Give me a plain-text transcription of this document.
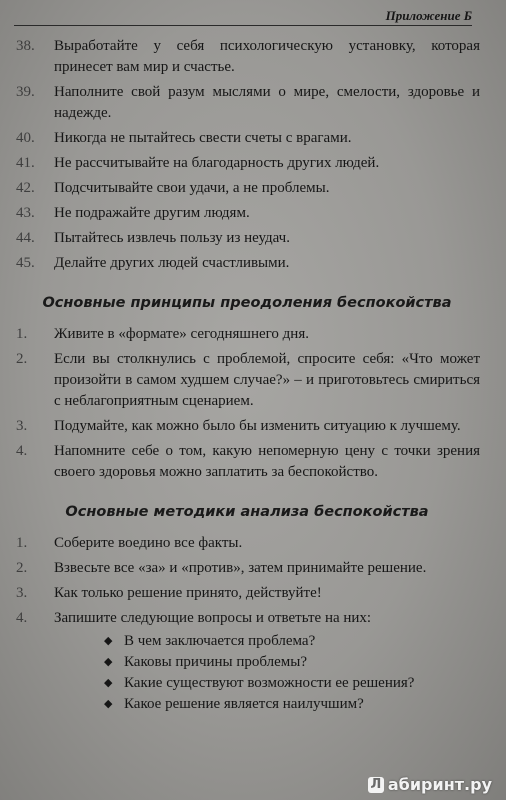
Приложение Б
38. Выработайте у себя психологическую установку, которая принесет вам мир и счастье.
39. Наполните свой разум мыслями о мире, смелости, здоровье и надежде.
40. Никогда не пытайтесь свести счеты с врагами.
41. Не рассчитывайте на благодарность других людей.
42. Подсчитывайте свои удачи, а не проблемы.
43. Не подражайте другим людям.
44. Пытайтесь извлечь пользу из неудач.
45. Делайте других людей счастливыми.
Основные принципы преодоления беспокойства
1. Живите в «формате» сегодняшнего дня.
2. Если вы столкнулись с проблемой, спросите себя: «Что может произойти в самом худшем случае?» – и приготовьтесь смириться с неблагоприятным сценарием.
3. Подумайте, как можно было бы изменить ситуацию к лучшему.
4. Напомните себе о том, какую непомерную цену с точки зрения своего здоровья можно заплатить за беспокойство.
Основные методики анализа беспокойства
1. Соберите воедино все факты.
2. Взвесьте все «за» и «против», затем принимайте решение.
3. Как только решение принято, действуйте!
4. Запишите следующие вопросы и ответьте на них:
◆ В чем заключается проблема?
◆ Каковы причины проблемы?
◆ Какие существуют возможности ее решения?
◆ Какое решение является наилучшим?
Л абиринт.ру
